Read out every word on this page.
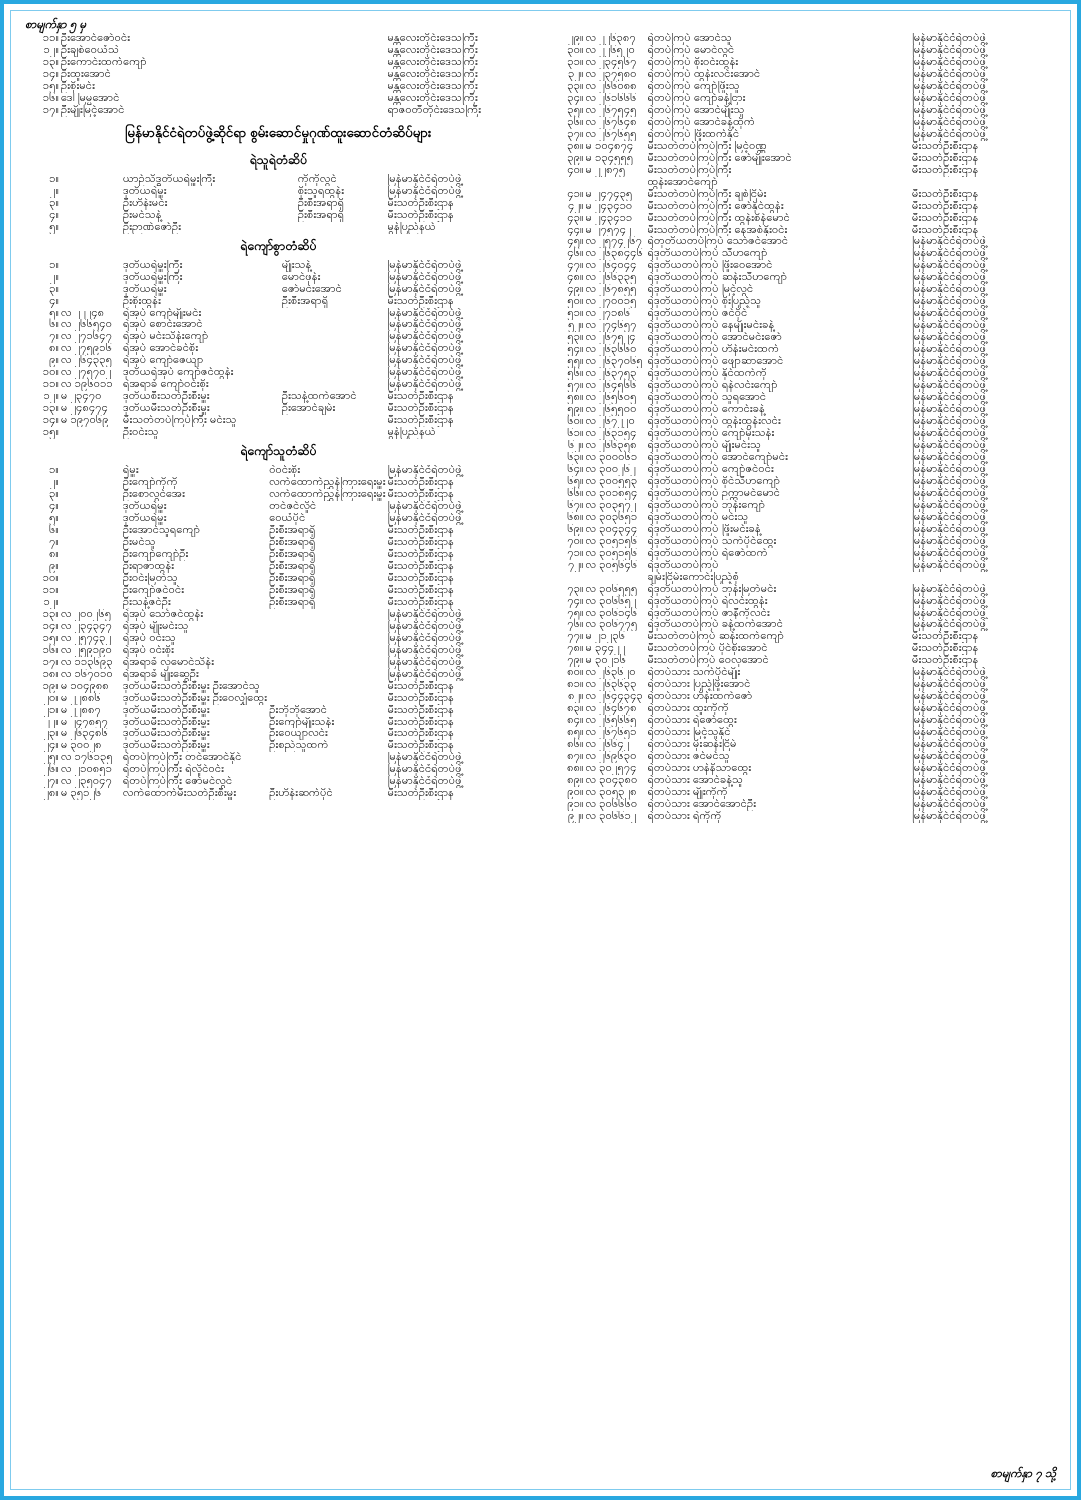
စာမျက်နှာ ၅ မှ
၁၁။	ဦးအောင်ဇော်ဝင်း	မန္တလေးတိုင်းဒေသကြီး
၁၂။	ဦးချစ်ဝေယံသဲ	မန္တလေးတိုင်းဒေသကြီး
၁၃။	ဦးကောင်းထက်ကျော်	မန္တလေးတိုင်းဒေသကြီး
၁၄။	ဦးထူးအောင်	မန္တလေးတိုင်းဒေသကြီး
၁၅။	ဦးစိုးမင်း	မန္တလေးတိုင်းဒေသကြီး
၁၆။	ဒေါ်မြမ္မအောင်	မန္တလေးတိုင်းဒေသကြီး
၁၇။	ဦးမျိုးမြင့်အောင်	ရာဇဝတီတိုင်းဒေသကြီး
မြန်မာနိုင်ငံရဲတပ်ဖွဲ့ဆိုင်ရာ စွမ်းဆောင်မှုဂုဏ်ထူးဆောင်တံဆိပ်များ
ရဲသူရဲတံဆိပ်
၁။		ယာဉ်သိဒ္ဓတိယရဲမှူးကြီး	ကိုကိုလွင်	မြန်မာနိုင်ငံရဲတပ်ဖွဲ့
၂။		ဒုတိယရဲမှူး	စိုးသူရထွန်း	မြန်မာနိုင်ငံရဲတပ်ဖွဲ့
၃။		ဦးဟိန်းမင်း	ဦးစီးအရာရှိ	မီးသတ်ဦးစီးဌာန
၄။		ဦးမင်သန့်	ဦးစီးအရာရှိ	မီးသတ်ဦးစီးဌာန
၅။		ဦးဉာဏ်ဇော်ဦး		မွန်ပြည်နယ်
ရဲကျော်စွာတံဆိပ်
၁။		ဒုတိယရဲမှူးကြီး	မျိုးသန့်	မြန်မာနိုင်ငံရဲတပ်ဖွဲ့
၂။		ဒုတိယရဲမှူးကြီး	မောင်ဖုန်း	မြန်မာနိုင်ငံရဲတပ်ဖွဲ့
၃။		ဒုတိယရဲမှူး	ဇော်မင်းအောင်	မြန်မာနိုင်ငံရဲတပ်ဖွဲ့
၄။		ဦးစိုးထွန်း	ဦးစီးအရာရှိ	မီးသတ်ဦးစီးဌာန
၅။	လ ၂၂၂၄၈	ရဲအုပ် ကျော်မျိုးမင်း		မြန်မာနိုင်ငံရဲတပ်ဖွဲ့
၆။	လ ၂၆၆၅၄၀	ရဲအုပ် စောင်းအောင်		မြန်မာနိုင်ငံရဲတပ်ဖွဲ့
၇။	လ ၂၇၁၆၄၇	ရဲအုပ် မင်းသိန်းကျော်		မြန်မာနိုင်ငံရဲတပ်ဖွဲ့
၈။	လ ၂၇၅၉၁၆	ရဲအုပ် အောင်ခင်စိုး		မြန်မာနိုင်ငံရဲတပ်ဖွဲ့
၉။	လ ၂၆၄၃၃၅	ရဲအုပ် ကျော်ဇေယျာ		မြန်မာနိုင်ငံရဲတပ်ဖွဲ့
၁၀။	လ ၂၇၅၇၀၂	ဒုတိယရဲအုပ် ကျော်ဇင်ထွန်း		မြန်မာနိုင်ငံရဲတပ်ဖွဲ့
၁၁။	လ ၁၉၆၀၁၁	ရဲအရာခံ ကျော်ဝင်းစိုး		မြန်မာနိုင်ငံရဲတပ်ဖွဲ့
၁၂။	မ ၂၃၄၇၀	ဒုတိယစီးသတ်ဦးစီးမှူး	ဦးသန့်ထက်အောင်	မီးသတ်ဦးစီးဌာန
၁၃။	မ ၂၄၈၄၇၄	ဒုတိယမီးသတ်ဦးစီးမှူး	ဦးအောင်ချမ်း	မီးသတ်ဦးစီးဌာန
၁၄။	မ ၁၉၇၀၆၉	မီးသတ်တပ်ကြပ်ကြီး မင်းသူ		မီးသတ်ဦးစီးဌာန
၁၅။		ဦးဝင်းသူ		မွန်ပြည်နယ်
ရဲကျော်သူတံဆိပ်
၁။		ရဲမှူး	ဝဲဝင်းစိုး	မြန်မာနိုင်ငံရဲတပ်ဖွဲ့
၂။		ဦးကျော်ကိုကို	လက်ထောက်ညွှန်ကြားရေးမှူး	မီးသတ်ဦးစီးဌာန
၃။		ဦးစောလွင်အေး	လက်ထောက်ညွှန်ကြားရေးမှူး	မီးသတ်ဦးစီးဌာန
၄။		ဒုတိယရဲမှူး	တင်ဇင်လှိုင်	မြန်မာနိုင်ငံရဲတပ်ဖွဲ့
၅။		ဒုတိယရဲမှူး	ဝေယံပိုင်	မြန်မာနိုင်ငံရဲတပ်ဖွဲ့
၆။		ဦးအောင်သူရကျော်	ဦးစီးအရာရှိ	မီးသတ်ဦးစီးဌာန
၇။		ဦးမင်သူ	ဦးစီးအရာရှိ	မီးသတ်ဦးစီးဌာန
၈။		ဦးကျော်ကျော်ဦး	ဦးစီးအရာရှိ	မီးသတ်ဦးစီးဌာန
၉။		ဦးရာဇာထွန်း	ဦးစီးအရာရှိ	မီးသတ်ဦးစီးဌာန
၁၀။		ဦးဝင်းမြတ်သူ	ဦးစီးအရာရှိ	မီးသတ်ဦးစီးဌာန
၁၁။		ဦးကျော်ဇင်ဝင်း	ဦးစီးအရာရှိ	မီးသတ်ဦးစီးဌာန
၁၂။		ဦးသန့်ဇင်ဦး	ဦးစီးအရာရှိ	မီးသတ်ဦးစီးဌာန
၁၃။	လ ၂၀၀၂၆၅	ရဲအုပ် သော်ဇင်ထွန်း		မြန်မာနိုင်ငံရဲတပ်ဖွဲ့
၁၄။	လ ၂၃၄၃၄၇	ရဲအုပ် မျိုးမင်းသူ		မြန်မာနိုင်ငံရဲတပ်ဖွဲ့
၁၅။	လ ၂၅၇၄၃၂	ရဲအုပ် ဝင်းသူ		မြန်မာနိုင်ငံရဲတပ်ဖွဲ့
၁၆။	လ ၂၅၉၁၉၀	ရဲအုပ် ဝင်းစိုး		မြန်မာနိုင်ငံရဲတပ်ဖွဲ့
၁၇။	လ ၁၁၃၆၉၃	ရဲအရာခံ လှမောင်သိန်း		မြန်မာနိုင်ငံရဲတပ်ဖွဲ့
၁၈။	လ ၁၆၇၀၁၀	ရဲအရာခံ မျိုးဆွေဦး		မြန်မာနိုင်ငံရဲတပ်ဖွဲ့
၁၉။	မ ၁၀၄၉၈၈	ဒုတိယမီးသတ်ဦးစီးမှူး ဦးအောင်သူ		မီးသတ်ဦးစီးဌာန
၂၀။	မ ၂၂၈၈၆	ဒုတိယမီးသတ်ဦးစီးမှူး ဦးဝေလျှံထွေး		မီးသတ်ဦးစီးဌာန
၂၁။	မ ၂၂၈၈၇	ဒုတိယမီးသတ်ဦးစီးမှူး	ဦးဘိုဘိုအောင်	မီးသတ်ဦးစီးဌာန
၂၂။	မ ၂၄၇၈၅၇	ဒုတိယမီးသတ်ဦးစီးမှူး	ဦးကျော်မျိုးသန်း	မီးသတ်ဦးစီးဌာန
၂၃။	မ ၂၆၃၄၈၆	ဒုတိယမီးသတ်ဦးစီးမှူး	ဦးဝေယျာလင်း	မီးသတ်ဦးစီးဌာန
၂၄။	မ ၃၀၀၂၈	ဒုတိယမီးသတ်ဦးစီးမှူး	ဦးစည်သူထက်	မီးသတ်ဦးစီးဌာန
၂၅။	လ ၁၇၆၁၃၅	ရဲတပ်ကြပ်ကြီး တင်အောင်နိုင်		မြန်မာနိုင်ငံရဲတပ်ဖွဲ့
၂၆။	လ ၂၁၀၈၅၁	ရဲတပ်ကြပ်ကြီး ရဲလှိုင်ဝင်း		မြန်မာနိုင်ငံရဲတပ်ဖွဲ့
၂၇။	လ ၂၃၅၀၄၇	ရဲတပ်ကြပ်ကြီး ဇော်မင်လွင်		မြန်မာနိုင်ငံရဲတပ်ဖွဲ့
၂၈။	မ ၃၅၁၂၆	လက်ထောက်မီးသတ်ဦးစီးမှူး	ဦးဟိန်းဆက်ပိုင်	မီးသတ်ဦးစီးဌာန
၂၉။	လ ၂၂၆၃၈၇	ရဲတပ်ကြပ် အောင်သူ	မြန်မာနိုင်ငံရဲတပ်ဖွဲ့
၃၀။	လ ၂၂၆၅၂၀	ရဲတပ်ကြပ် မောင်လွင်	မြန်မာနိုင်ငံရဲတပ်ဖွဲ့
၃၁။	လ ၂၃၄၅၆၇	ရဲတပ်ကြပ် စိုးဝင်းထွန်း	မြန်မာနိုင်ငံရဲတပ်ဖွဲ့
၃၂။	လ ၂၃၇၅၈၀	ရဲတပ်ကြပ် ထွန်းလင်းအောင်	မြန်မာနိုင်ငံရဲတပ်ဖွဲ့
၃၃။	လ ၂၆၆၀၈၈	ရဲတပ်ကြပ် ကျော်ဖြိုးသူ	မြန်မာနိုင်ငံရဲတပ်ဖွဲ့
၃၄။	လ ၂၆၁၆၆၆	ရဲတပ်ကြပ် ကျော်ခန့်ငြား	မြန်မာနိုင်ငံရဲတပ်ဖွဲ့
၃၅။	လ ၂၆၇၅၄၅	ရဲတပ်ကြပ် အောင်မျိုးသူ	မြန်မာနိုင်ငံရဲတပ်ဖွဲ့
၃၆။	လ ၂၆၇၆၄၈	ရဲတပ်ကြပ် အောင်ခန့်ထိုက်	မြန်မာနိုင်ငံရဲတပ်ဖွဲ့
၃၇။	လ ၂၆၇၆၅၅	ရဲတပ်ကြပ် ဖြိုးထက်နိုင်	မြန်မာနိုင်ငံရဲတပ်ဖွဲ့
၃၈။	မ ၁၀၄၈၇၄	မီးသတ်တပ်ကြပ်ကြီး မြင့်ဝဏ္ဏ	မီးသတ်ဦးစီးဌာန
၃၉။	မ ၁၃၄၅၅၅	မီးသတ်တပ်ကြပ်ကြီး ဇော်မျိုးအောင်	မီးသတ်ဦးစီးဌာန
၄၀။	မ ၂၂၈၇၅	မီးသတ်တပ်ကြပ်ကြီး	မီးသတ်ဦးစီးဌာန
		ထွန်းအောင်ကျော်	
၄၁။	မ ၂၄၇၄၃၅	မီးသတ်တပ်ကြပ်ကြီး ချစ်ငြိမ်း	မီးသတ်ဦးစီးဌာန
၄၂။	မ ၂၄၃၄၁၀	မီးသတ်တပ်ကြပ်ကြီး ဇော်နိုင်ထွန်း	မီးသတ်ဦးစီးဌာန
၄၃။	မ ၂၄၃၄၁၁	မီးသတ်တပ်ကြပ်ကြီး ထွန်းစိန်မောင်	မီးသတ်ဦးစီးဌာန
၄၄။	မ ၂၇၅၇၄၂	မီးသတ်တပ်ကြပ်ကြီး နေအစ်နိုးဝင်း	မီးသတ်ဦးစီးဌာန
၄၅။	လ ၂၅၇၄၂၆၇	ရဲတုတိယတပ်ကြပ် သော်ဇင်အောင်	မြန်မာနိုင်ငံရဲတပ်ဖွဲ့
၄၆။	လ ၂၆၃၈၄၄၆	ရဲဒုတိယတပ်ကြပ် သီဟကျော်	မြန်မာနိုင်ငံရဲတပ်ဖွဲ့
၄၇။	လ ၂၆၄၀၄၄	ရဲဒုတိယတပ်ကြပ် ဖြိုးဝေအောင်	မြန်မာနိုင်ငံရဲတပ်ဖွဲ့
၄၈။	လ ၂၆၆၃၃၅	ရဲဒုတိယတပ်ကြပ် ဆန်းသီဟကျော်	မြန်မာနိုင်ငံရဲတပ်ဖွဲ့
၄၉။	လ ၂၆၇၈၅၅	ရဲဒုတိယတပ်ကြပ် မြင့်လွင်	မြန်မာနိုင်ငံရဲတပ်ဖွဲ့
၅၀။	လ ၂၇၀၀၁၅	ရဲဒုတိယတပ်ကြပ် စိုးပြည့်သူ	မြန်မာနိုင်ငံရဲတပ်ဖွဲ့
၅၁။	လ ၂၇၁၈၆	ရဲဒုတိယတပ်ကြပ် ဇင်ဝိုင်	မြန်မာနိုင်ငံရဲတပ်ဖွဲ့
၅၂။	လ ၂၇၄၆၅၇	ရဲဒုတိယတပ်ကြပ် နေမျိုးမင်းခန့်	မြန်မာနိုင်ငံရဲတပ်ဖွဲ့
၅၃။	လ ၂၆၇၅၂၄	ရဲဒုတိယတပ်ကြပ် အောင်မင်းဇော်	မြန်မာနိုင်ငံရဲတပ်ဖွဲ့
၅၄။	လ ၂၆၃၆၆၀	ရဲဒုတိယတပ်ကြပ် ဟိန်းမင်းထက်	မြန်မာနိုင်ငံရဲတပ်ဖွဲ့
၅၅။	လ ၂၆၃၇၀၆၅	ရဲဒုတိယတပ်ကြပ် ဖျောဆာအောင်	မြန်မာနိုင်ငံရဲတပ်ဖွဲ့
၅၆။	လ ၂၆၃၇၅၃	ရဲဒုတိယတပ်ကြပ် နိုင်ထက်ကို	မြန်မာနိုင်ငံရဲတပ်ဖွဲ့
၅၇။	လ ၂၆၄၅၆၆	ရဲဒုတိယတပ်ကြပ် ရန်လင်းကျော်	မြန်မာနိုင်ငံရဲတပ်ဖွဲ့
၅၈။	လ ၂၆၅၆၀၅	ရဲဒုတိယတပ်ကြပ် သူရအောင်	မြန်မာနိုင်ငံရဲတပ်ဖွဲ့
၅၉။	လ ၂၆၅၅၀၀	ရဲဒုတိယတပ်ကြပ် ကောင်းခန့်	မြန်မာနိုင်ငံရဲတပ်ဖွဲ့
၆၀။	လ ၂၆၇၂၂၀	ရဲဒုတိယတပ်ကြပ် ထွန်းထွန်းလင်း	မြန်မာနိုင်ငံရဲတပ်ဖွဲ့
၆၁။	လ ၂၆၃၁၅၄	ရဲဒုတိယတပ်ကြပ် ကျော်မိုးသန်း	မြန်မာနိုင်ငံရဲတပ်ဖွဲ့
၆၂။	လ ၂၆၆၃၅၈	ရဲဒုတိယတပ်ကြပ် မျိုးမင်းသူ	မြန်မာနိုင်ငံရဲတပ်ဖွဲ့
၆၃။	လ ၃၀၀၀၆၁	ရဲဒုတိယတပ်ကြပ် အောင်ကျော်မင်း	မြန်မာနိုင်ငံရဲတပ်ဖွဲ့
၆၄။	လ ၃၀၀၂၆၂	ရဲဒုတိယတပ်ကြပ် ကျော်ဇင်ဝင်း	မြန်မာနိုင်ငံရဲတပ်ဖွဲ့
၆၅။	လ ၃၀၀၅၅၃	ရဲဒုတိယတပ်ကြပ် စိုင်သီဟကျော်	မြန်မာနိုင်ငံရဲတပ်ဖွဲ့
၆၆။	လ ၃၀၁၈၅၄	ရဲဒုတိယတပ်ကြပ် ဥက္ကာမင်မောင်	မြန်မာနိုင်ငံရဲတပ်ဖွဲ့
၆၇။	လ ၃၀၃၅၇၂	ရဲဒုတိယတပ်ကြပ် ဘုန်းကျော်	မြန်မာနိုင်ငံရဲတပ်ဖွဲ့
၆၈။	လ ၃၀၃၆၅၁	ရဲဒုတိယတပ်ကြပ် မင်းသူ	မြန်မာနိုင်ငံရဲတပ်ဖွဲ့
၆၉။	လ ၃၀၄၃၄၄	ရဲဒုတိယတပ်ကြပ် ဖြိုးမင်းခန့်	မြန်မာနိုင်ငံရဲတပ်ဖွဲ့
၇၀။	လ ၃၀၅၁၅၆	ရဲဒုတိယတပ်ကြပ် သက်ပိုင်ထွေး	မြန်မာနိုင်ငံရဲတပ်ဖွဲ့
၇၁။	လ ၃၀၅၁၅၆	ရဲဒုတိယတပ်ကြပ် ရဲဇော်ထက်	မြန်မာနိုင်ငံရဲတပ်ဖွဲ့
၇၂။	လ ၃၀၅၆၄၆	ရဲဒုတိယတပ်ကြပ်	မြန်မာနိုင်ငံရဲတပ်ဖွဲ့
		ချမ်းငြိမ်းကောင်းပြည့်စုံ	
၇၃။	လ ၃၀၆၅၅၅	ရဲဒုတိယတပ်ကြပ် ဘုန်းမြတ်မင်း	မြန်မာနိုင်ငံရဲတပ်ဖွဲ့
၇၄။	လ ၃၀၆၆၅၂	ရဲဒုတိယတပ်ကြပ် ရဲလင်းထွန်း	မြန်မာနိုင်ငံရဲတပ်ဖွဲ့
၇၅။	လ ၃၀၆၁၄၆	ရဲဒုတိယတပ်ကြပ် ဇာနီကိုလင်း	မြန်မာနိုင်ငံရဲတပ်ဖွဲ့
၇၆။	လ ၃၀၆၇၇၅	ရဲဒုတိယတပ်ကြပ် ခန့်ထက်အောင်	မြန်မာနိုင်ငံရဲတပ်ဖွဲ့
၇၇။	မ ၂၁၂၃၆	မီးသတ်တပ်ကြပ် ဆန်းထက်ကျော်	မီးသတ်ဦးစီးဌာန
၇၈။	မ ၃၄၄၂၂	မီးသတ်တပ်ကြပ် ပိုင်စိုးအောင်	မီးသတ်ဦးစီးဌာန
၇၉။	မ ၃၀၂၁၆	မီးသတ်တပ်ကြပ် ဝေလုအောင်	မီးသတ်ဦးစီးဌာန
၈၀။	လ ၂၆၃၆၂၀	ရဲတပ်သား သက်ပိုင်မျိုး	မြန်မာနိုင်ငံရဲတပ်ဖွဲ့
၈၁။	လ ၂၆၃၆၃၃	ရဲတပ်သား ပြည့်ဖြိုးအောင်	မြန်မာနိုင်ငံရဲတပ်ဖွဲ့
၈၂။	လ ၂၆၄၄၃၄၃	ရဲတပ်သား ဟိန်းထက်ဇော်	မြန်မာနိုင်ငံရဲတပ်ဖွဲ့
၈၃။	လ ၂၆၄၆၇၈	ရဲတပ်သား ထူးကိုကို	မြန်မာနိုင်ငံရဲတပ်ဖွဲ့
၈၄။	လ ၂၆၅၆၆၅	ရဲတပ်သား ရဲဇော်ထွေး	မြန်မာနိုင်ငံရဲတပ်ဖွဲ့
၈၅။	လ ၂၆၇၆၅၁	ရဲတပ်သား မြင့်သူနိုင်	မြန်မာနိုင်ငံရဲတပ်ဖွဲ့
၈၆။	လ ၂၆၆၄၂	ရဲတပ်သား မိုးဆန်းငြိမ်	မြန်မာနိုင်ငံရဲတပ်ဖွဲ့
၈၇။	လ ၂၆၉၆၃၀	ရဲတပ်သား ဇင်မင်သူ	မြန်မာနိုင်ငံရဲတပ်ဖွဲ့
၈၈။	လ ၃၀၂၅၇၄	ရဲတပ်သား ဟန်နိသာထွေး	မြန်မာနိုင်ငံရဲတပ်ဖွဲ့
၈၉။	လ ၃၀၄၃၈၀	ရဲတပ်သား အောင်ခန့်သူ	မြန်မာနိုင်ငံရဲတပ်ဖွဲ့
၉၀။	လ ၃၀၅၃၂၈	ရဲတပ်သား မျိုးကိုကို	မြန်မာနိုင်ငံရဲတပ်ဖွဲ့
၉၁။	လ ၃၀၆၆၆၀	ရဲတပ်သား အောင်အောင်ဦး	မြန်မာနိုင်ငံရဲတပ်ဖွဲ့
၉၂။	လ ၃၀၆၆၁၂	ရဲတပ်သား ရဲကိုကို	မြန်မာနိုင်ငံရဲတပ်ဖွဲ့
စာမျက်နှာ ၇ သို့
